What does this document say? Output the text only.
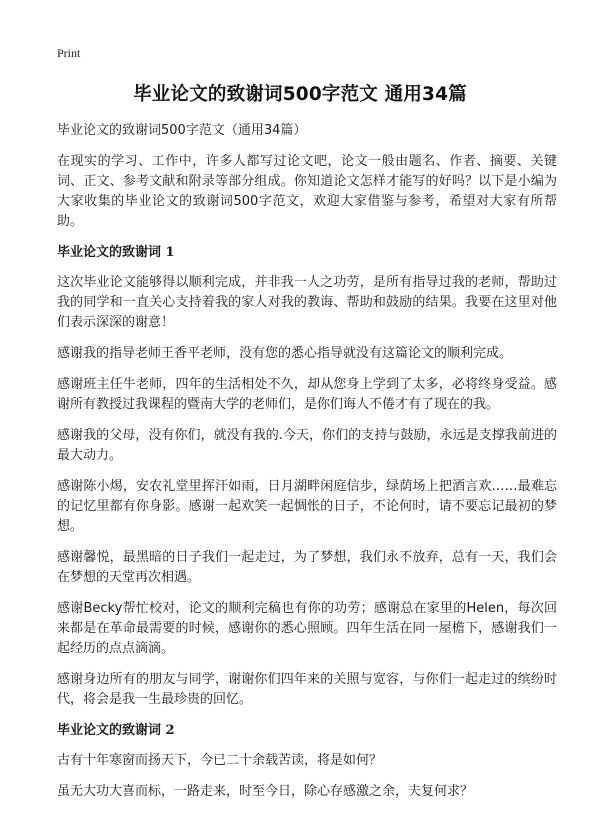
Print
毕业论文的致谢词500字范文 通用34篇

毕业论文的致谢词500字范文（通用34篇）

在现实的学习、工作中，许多人都写过论文吧，论文一般由题名、作者、摘要、关键词、正文、参考文献和附录等部分组成。你知道论文怎样才能写的好吗？以下是小编为大家收集的毕业论文的致谢词500字范文，欢迎大家借鉴与参考，希望对大家有所帮助。

毕业论文的致谢词 1

这次毕业论文能够得以顺利完成，并非我一人之功劳，是所有指导过我的老师，帮助过我的同学和一直关心支持着我的家人对我的教诲、帮助和鼓励的结果。我要在这里对他们表示深深的谢意！

感谢我的指导老师王香平老师，没有您的悉心指导就没有这篇论文的顺利完成。

感谢班主任牛老师，四年的生活相处不久，却从您身上学到了太多，必将终身受益。感谢所有教授过我课程的暨南大学的老师们，是你们诲人不倦才有了现在的我。

感谢我的父母，没有你们，就没有我的.今天，你们的支持与鼓励，永远是支撑我前进的最大动力。

感谢陈小焬，安农礼堂里挥汗如雨，日月湖畔闲庭信步，绿荫场上把酒言欢……最难忘的记忆里都有你身影。感谢一起欢笑一起惆怅的日子，不论何时，请不要忘记最初的梦想。

感谢馨悦，最黑暗的日子我们一起走过，为了梦想，我们永不放弃，总有一天，我们会在梦想的天堂再次相遇。

感谢Becky帮忙校对，论文的顺利完稿也有你的功劳；感谢总在家里的Helen，每次回来都是在革命最需要的时候，感谢你的悉心照顾。四年生活在同一屋檐下，感谢我们一起经历的点点滴滴。

感谢身边所有的朋友与同学，谢谢你们四年来的关照与宽容，与你们一起走过的缤纷时代，将会是我一生最珍贵的回忆。

毕业论文的致谢词 2

古有十年寒窗而扬天下，今已二十余载苦读，将是如何？

虽无大功大喜而标，一路走来，时至今日，除心存感激之余，夫复何求？
